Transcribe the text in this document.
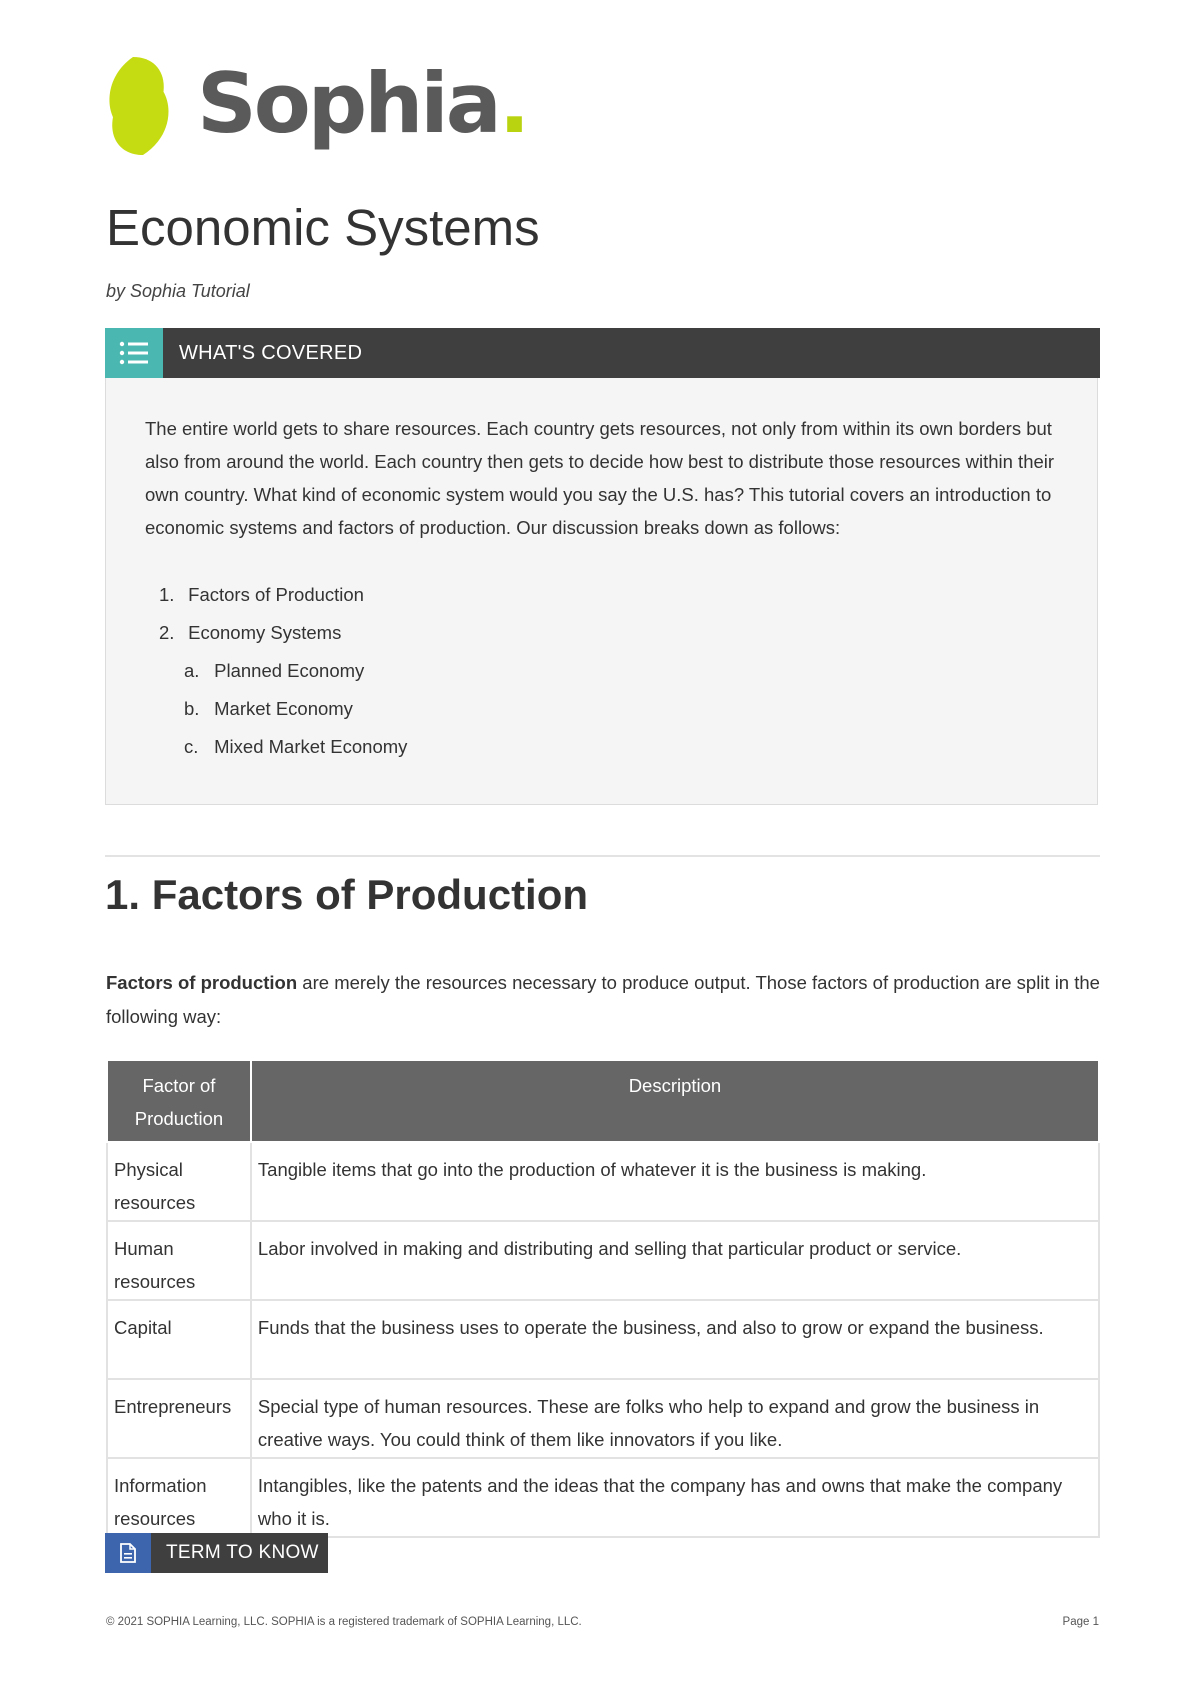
Sophia.
Economic Systems

by Sophia Tutorial

WHAT'S COVERED

The entire world gets to share resources. Each country gets resources, not only from within its own borders but also from around the world. Each country then gets to decide how best to distribute those resources within their own country. What kind of economic system would you say the U.S. has? This tutorial covers an introduction to economic systems and factors of production. Our discussion breaks down as follows:

1. Factors of Production
2. Economy Systems
a. Planned Economy
b. Market Economy
c. Mixed Market Economy
1. Factors of Production

Factors of production are merely the resources necessary to produce output. Those factors of production are split in the following way:

Factor of Production	Description

Physical resources	Tangible items that go into the production of whatever it is the business is making.
Human resources	Labor involved in making and distributing and selling that particular product or service.
Capital	Funds that the business uses to operate the business, and also to grow or expand the business.
Entrepreneurs	Special type of human resources. These are folks who help to expand and grow the business in creative ways. You could think of them like innovators if you like.
Information resources	Intangibles, like the patents and the ideas that the company has and owns that make the company who it is.
TERM TO KNOW
© 2021 SOPHIA Learning, LLC. SOPHIA is a registered trademark of SOPHIA Learning, LLC.	Page 1
